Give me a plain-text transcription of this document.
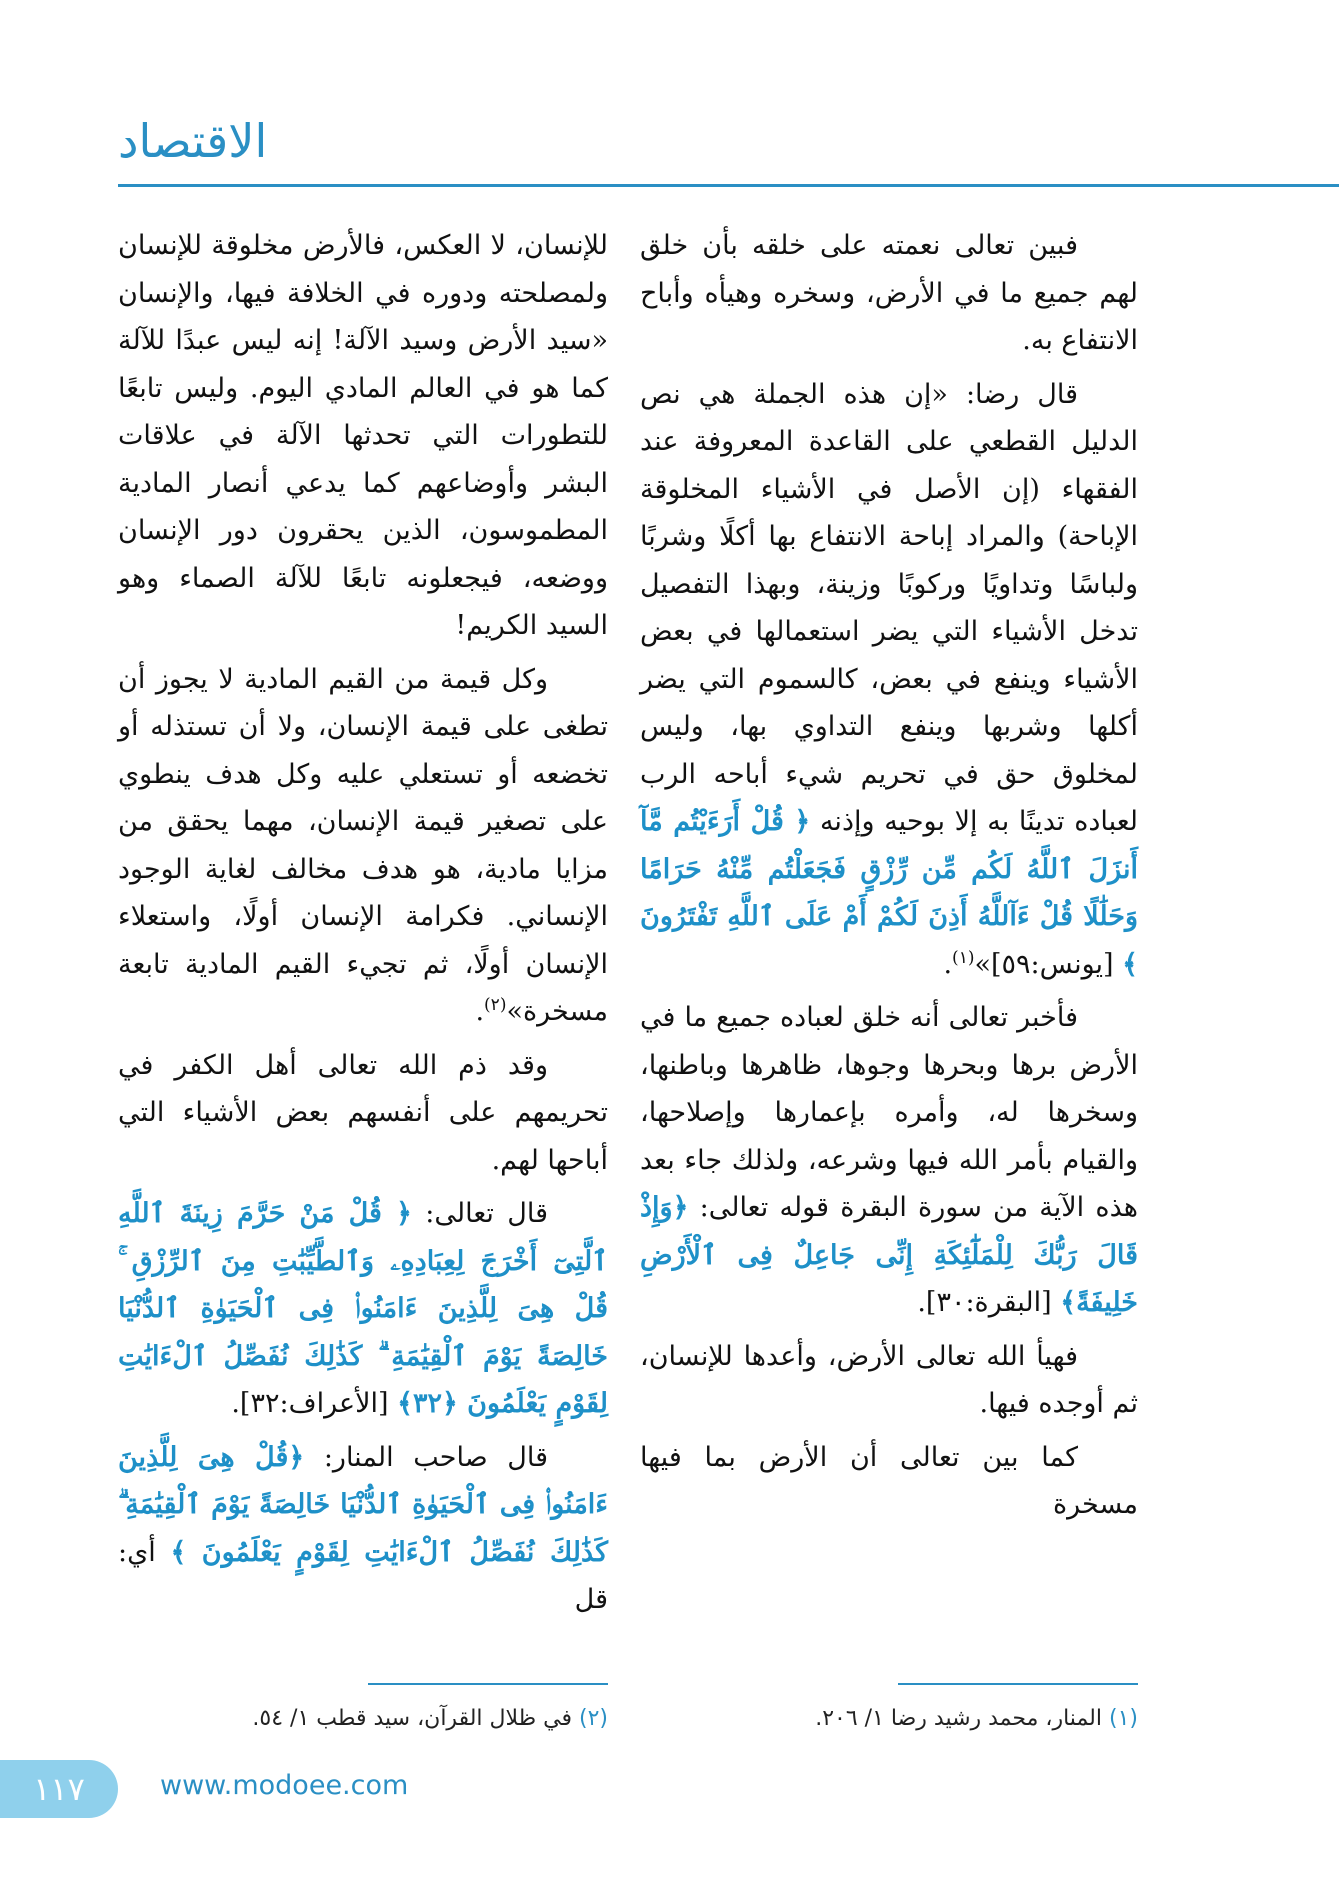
الاقتصاد

فبين تعالى نعمته على خلقه بأن خلق لهم جميع ما في الأرض، وسخره وهيأه وأباح الانتفاع به.

قال رضا: «إن هذه الجملة هي نص الدليل القطعي على القاعدة المعروفة عند الفقهاء (إن الأصل في الأشياء المخلوقة الإباحة) والمراد إباحة الانتفاع بها أكلًا وشربًا ولباسًا وتداويًا وركوبًا وزينة، وبهذا التفصيل تدخل الأشياء التي يضر استعمالها في بعض الأشياء وينفع في بعض، كالسموم التي يضر أكلها وشربها وينفع التداوي بها، وليس لمخلوق حق في تحريم شيء أباحه الرب لعباده تدينًا به إلا بوحيه وإذنه ﴿ قُلْ أَرَءَيْتُم مَّآ أَنزَلَ ٱللَّهُ لَكُم مِّن رِّزْقٍ فَجَعَلْتُم مِّنْهُ حَرَامًا وَحَلَٰلًا قُلْ ءَآللَّهُ أَذِنَ لَكُمْ أَمْ عَلَى ٱللَّهِ تَفْتَرُونَ ﴾ [يونس:٥٩]»$^{(١)}$.

فأخبر تعالى أنه خلق لعباده جميع ما في الأرض برها وبحرها وجوها، ظاهرها وباطنها، وسخرها له، وأمره بإعمارها وإصلاحها، والقيام بأمر الله فيها وشرعه، ولذلك جاء بعد هذه الآية من سورة البقرة قوله تعالى: ﴿وَإِذْ قَالَ رَبُّكَ لِلْمَلَٰٓئِكَةِ إِنِّى جَاعِلٌ فِى ٱلْأَرْضِ خَلِيفَةً﴾ [البقرة:٣٠].

فهيأ الله تعالى الأرض، وأعدها للإنسان، ثم أوجده فيها.

كما بين تعالى أن الأرض بما فيها مسخرة

للإنسان، لا العكس، فالأرض مخلوقة للإنسان ولمصلحته ودوره في الخلافة فيها، والإنسان «سيد الأرض وسيد الآلة! إنه ليس عبدًا للآلة كما هو في العالم المادي اليوم. وليس تابعًا للتطورات التي تحدثها الآلة في علاقات البشر وأوضاعهم كما يدعي أنصار المادية المطموسون، الذين يحقرون دور الإنسان ووضعه، فيجعلونه تابعًا للآلة الصماء وهو السيد الكريم!

وكل قيمة من القيم المادية لا يجوز أن تطغى على قيمة الإنسان، ولا أن تستذله أو تخضعه أو تستعلي عليه وكل هدف ينطوي على تصغير قيمة الإنسان، مهما يحقق من مزايا مادية، هو هدف مخالف لغاية الوجود الإنساني. فكرامة الإنسان أولًا، واستعلاء الإنسان أولًا، ثم تجيء القيم المادية تابعة مسخرة»$^{(٢)}$.

وقد ذم الله تعالى أهل الكفر في تحريمهم على أنفسهم بعض الأشياء التي أباحها لهم.

قال تعالى: ﴿ قُلْ مَنْ حَرَّمَ زِينَةَ ٱللَّهِ ٱلَّتِىٓ أَخْرَجَ لِعِبَادِهِۦ وَٱلطَّيِّبَٰتِ مِنَ ٱلرِّزْقِ ۚ قُلْ هِىَ لِلَّذِينَ ءَامَنُوا۟ فِى ٱلْحَيَوٰةِ ٱلدُّنْيَا خَالِصَةً يَوْمَ ٱلْقِيَٰمَةِ ۗ كَذَٰلِكَ نُفَصِّلُ ٱلْءَايَٰتِ لِقَوْمٍ يَعْلَمُونَ ﴿٣٢﴾ [الأعراف:٣٢].

قال صاحب المنار: ﴿قُلْ هِىَ لِلَّذِينَ ءَامَنُوا۟ فِى ٱلْحَيَوٰةِ ٱلدُّنْيَا خَالِصَةً يَوْمَ ٱلْقِيَٰمَةِ ۗ كَذَٰلِكَ نُفَصِّلُ ٱلْءَايَٰتِ لِقَوْمٍ يَعْلَمُونَ ﴾ أي: قل

(١) المنار، محمد رشيد رضا ١/ ٢٠٦.
(٢) في ظلال القرآن، سيد قطب ١/ ٥٤.
١١٧	www.modoee.com
